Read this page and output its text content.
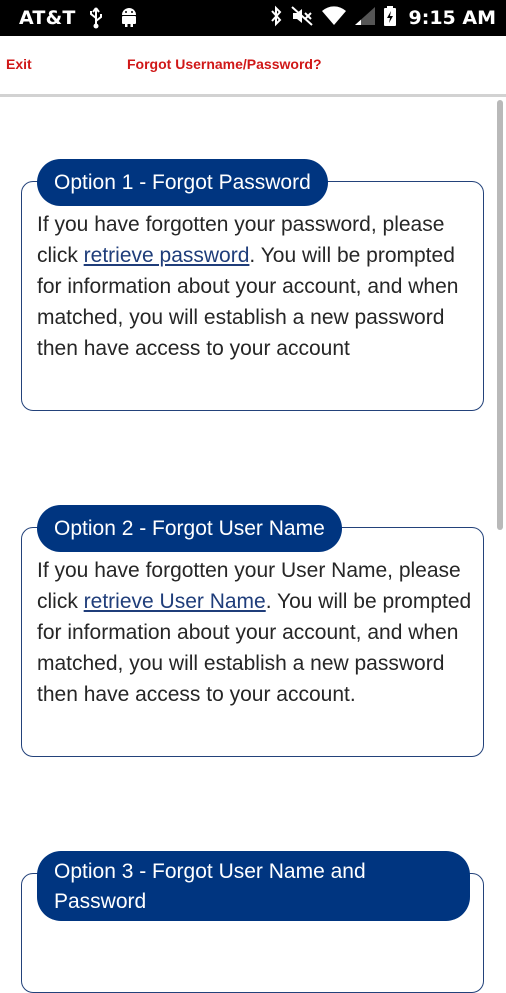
AT&T	9:15 AM
Exit	Forgot Username/Password?
Option 1 - Forgot Password
If you have forgotten your password, please click retrieve password. You will be prompted for information about your account, and when matched, you will establish a new password then have access to your account
Option 2 - Forgot User Name
If you have forgotten your User Name, please click retrieve User Name. You will be prompted for information about your account, and when matched, you will establish a new password then have access to your account.
Option 3 - Forgot User Name and Password
